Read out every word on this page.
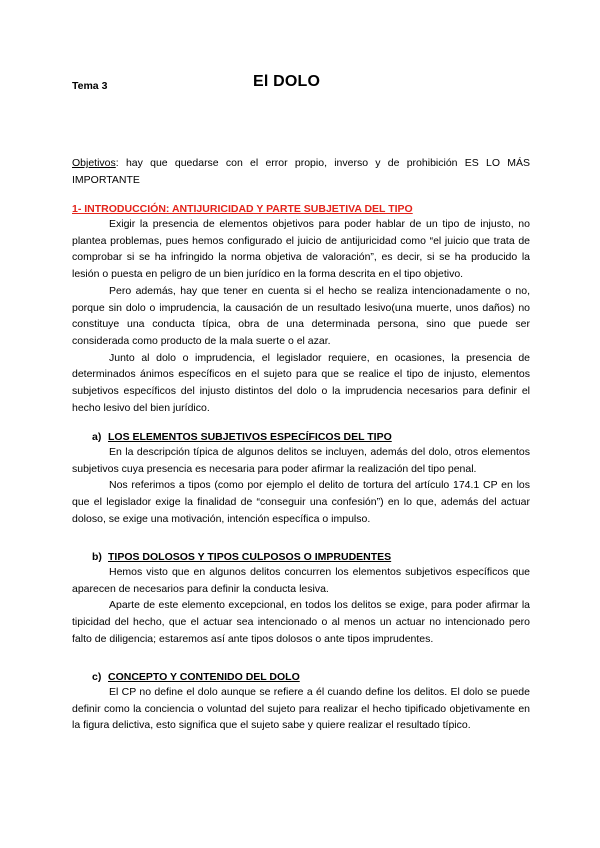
Tema 3	El DOLO
Objetivos: hay que quedarse con el error propio, inverso y de prohibición ES LO MÁS IMPORTANTE
1- INTRODUCCIÓN: ANTIJURICIDAD Y PARTE SUBJETIVA DEL TIPO

Exigir la presencia de elementos objetivos para poder hablar de un tipo de injusto, no plantea problemas, pues hemos configurado el juicio de antijuricidad como “el juicio que trata de comprobar si se ha infringido la norma objetiva de valoración”, es decir, si se ha producido la lesión o puesta en peligro de un bien jurídico en la forma descrita en el tipo objetivo.

Pero además, hay que tener en cuenta si el hecho se realiza intencionadamente o no, porque sin dolo o imprudencia, la causación de un resultado lesivo(una muerte, unos daños) no constituye una conducta típica, obra de una determinada persona, sino que puede ser considerada como producto de la mala suerte o el azar.

Junto al dolo o imprudencia, el legislador requiere, en ocasiones, la presencia de determinados ánimos específicos en el sujeto para que se realice el tipo de injusto, elementos subjetivos específicos del injusto distintos del dolo o la imprudencia necesarios para definir el hecho lesivo del bien jurídico.

a) LOS ELEMENTOS SUBJETIVOS ESPECÍFICOS DEL TIPO

En la descripción típica de algunos delitos se incluyen, además del dolo, otros elementos subjetivos cuya presencia es necesaria para poder afirmar la realización del tipo penal.

Nos referimos a tipos (como por ejemplo el delito de tortura del artículo 174.1 CP en los que el legislador exige la finalidad de “conseguir una confesión”) en lo que, además del actuar doloso, se exige una motivación, intención específica o impulso.

b) TIPOS DOLOSOS Y TIPOS CULPOSOS O IMPRUDENTES

Hemos visto que en algunos delitos concurren los elementos subjetivos específicos que aparecen de necesarios para definir la conducta lesiva.

Aparte de este elemento excepcional, en todos los delitos se exige, para poder afirmar la tipicidad del hecho, que el actuar sea intencionado o al menos un actuar no intencionado pero falto de diligencia; estaremos así ante tipos dolosos o ante tipos imprudentes.

c) CONCEPTO Y CONTENIDO DEL DOLO

El CP no define el dolo aunque se refiere a él cuando define los delitos. El dolo se puede definir como la conciencia o voluntad del sujeto para realizar el hecho tipificado objetivamente en la figura delictiva, esto significa que el sujeto sabe y quiere realizar el resultado típico.
